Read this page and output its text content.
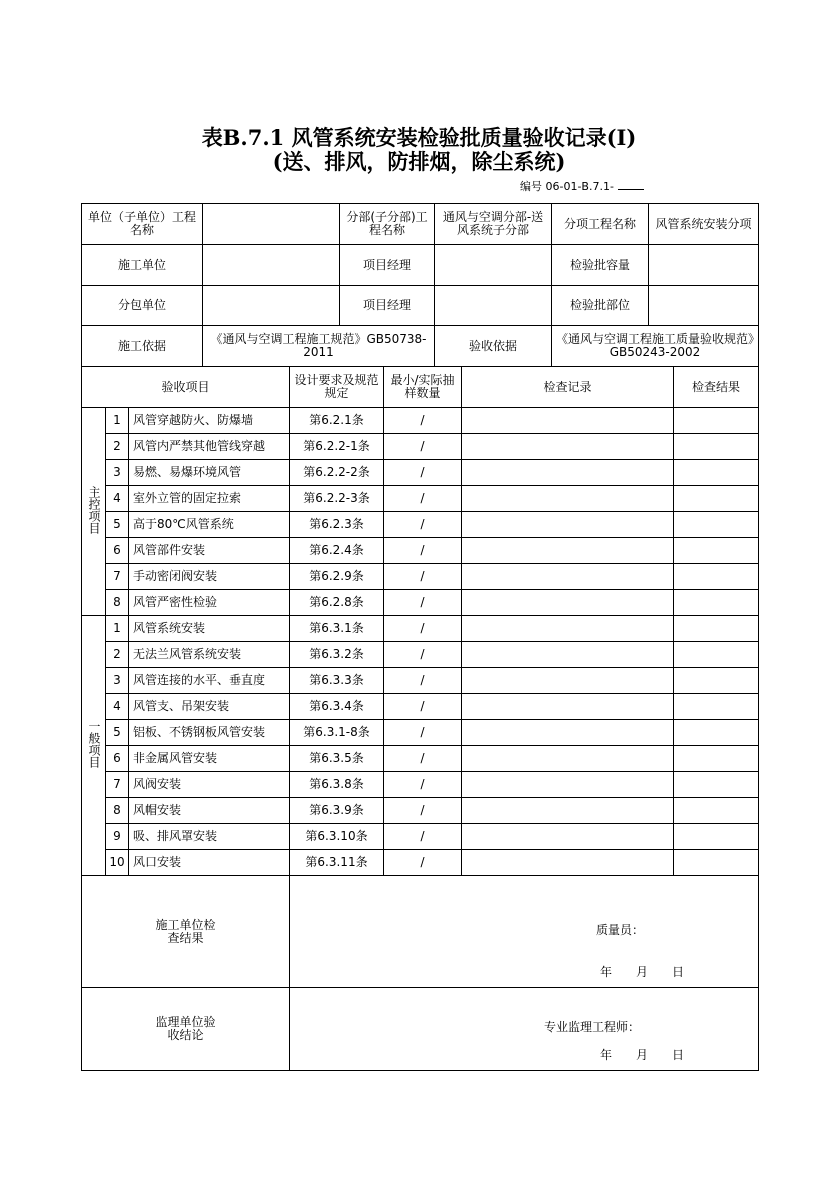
表B.7.1 风管系统安装检验批质量验收记录(Ⅰ)
(送、排风，防排烟，除尘系统)
编号 06-01-B.7.1-
单位（子单位）工程名称		分部(子分部)工程名称	通风与空调分部-送风系统子分部	分项工程名称	风管系统安装分项
施工单位		项目经理		检验批容量	
分包单位		项目经理		检验批部位	
施工依据	《通风与空调工程施工规范》GB50738-2011		验收依据	《通风与空调工程施工质量验收规范》GB50243-2002	
验收项目			设计要求及规范规定	最小/实际抽样数量	检查记录	检查结果
主控项目	1	风管穿越防火、防爆墙	第6.2.1条	/		
	2	风管内严禁其他管线穿越	第6.2.2-1条	/		
	3	易燃、易爆环境风管	第6.2.2-2条	/		
	4	室外立管的固定拉索	第6.2.2-3条	/		
	5	高于80℃风管系统	第6.2.3条	/		
	6	风管部件安装	第6.2.4条	/		
	7	手动密闭阀安装	第6.2.9条	/		
	8	风管严密性检验	第6.2.8条	/		
一般项目	1	风管系统安装	第6.3.1条	/		
	2	无法兰风管系统安装	第6.3.2条	/		
	3	风管连接的水平、垂直度	第6.3.3条	/		
	4	风管支、吊架安装	第6.3.4条	/		
	5	铝板、不锈钢板风管安装	第6.3.1-8条	/		
	6	非金属风管安装	第6.3.5条	/		
	7	风阀安装	第6.3.8条	/		
	8	风帽安装	第6.3.9条	/		
	9	吸、排风罩安装	第6.3.10条	/		
	10	风口安装	第6.3.11条	/		
施工单位检查结果	质量员：
年　　月　　日

监理单位验收结论	专业监理工程师：
年　　月　　日
